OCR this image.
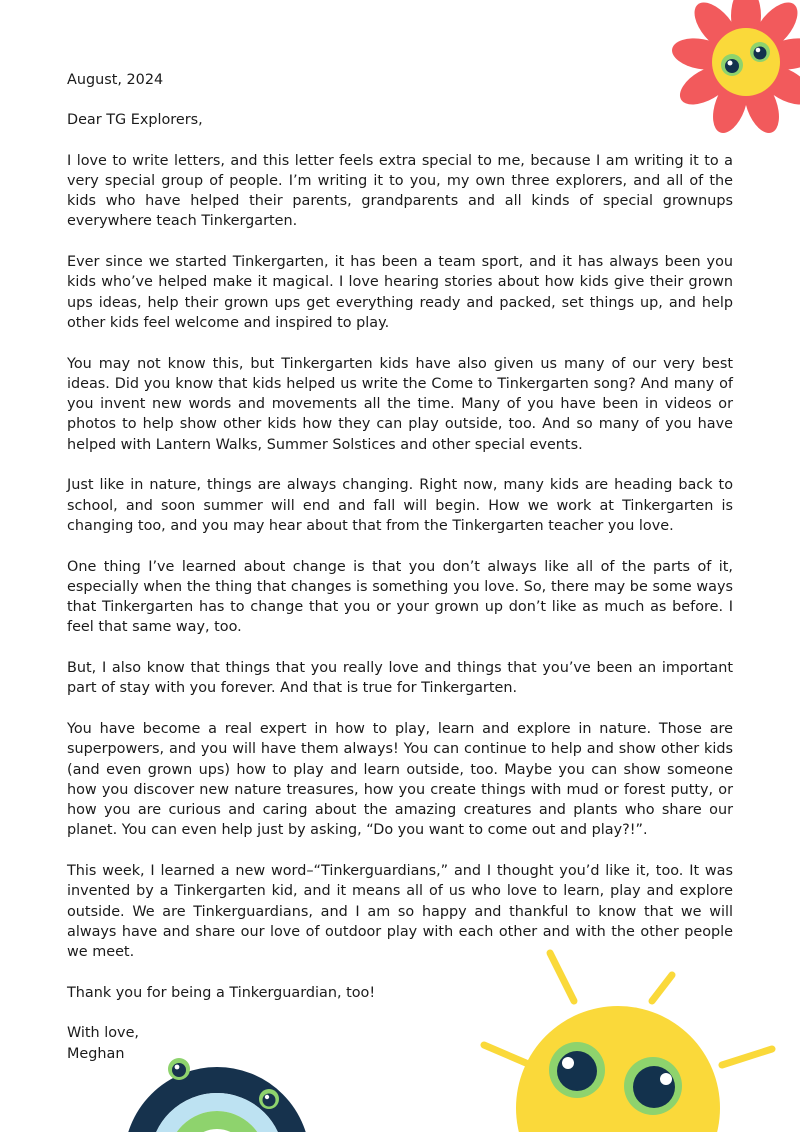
August, 2024

Dear TG Explorers,

I love to write letters, and this letter feels extra special to me, because I am writing it to a very special group of people. I’m writing it to you, my own three explorers, and all of the kids who have helped their parents, grandparents and all kinds of special grownups everywhere teach Tinkergarten.

Ever since we started Tinkergarten, it has been a team sport, and it has always been you kids who’ve helped make it magical. I love hearing stories about how kids give their grown ups ideas, help their grown ups get everything ready and packed, set things up, and help other kids feel welcome and inspired to play.

You may not know this, but Tinkergarten kids have also given us many of our very best ideas. Did you know that kids helped us write the Come to Tinkergarten song? And many of you invent new words and movements all the time. Many of you have been in videos or photos to help show other kids how they can play outside, too. And so many of you have helped with Lantern Walks, Summer Solstices and other special events.

Just like in nature, things are always changing. Right now, many kids are heading back to school, and soon summer will end and fall will begin. How we work at Tinkergarten is changing too, and you may hear about that from the Tinkergarten teacher you love.

One thing I’ve learned about change is that you don’t always like all of the parts of it, especially when the thing that changes is something you love. So, there may be some ways that Tinkergarten has to change that you or your grown up don’t like as much as before. I feel that same way, too.

But, I also know that things that you really love and things that you’ve been an important part of stay with you forever. And that is true for Tinkergarten.

You have become a real expert in how to play, learn and explore in nature. Those are superpowers, and you will have them always! You can continue to help and show other kids (and even grown ups) how to play and learn outside, too. Maybe you can show someone how you discover new nature treasures, how you create things with mud or forest putty, or how you are curious and caring about the amazing creatures and plants who share our planet. You can even help just by asking, “Do you want to come out and play?!”.

This week, I learned a new word–“Tinkerguardians,” and I thought you’d like it, too. It was invented by a Tinkergarten kid, and it means all of us who love to learn, play and explore outside. We are Tinkerguardians, and I am so happy and thankful to know that we will always have and share our love of outdoor play with each other and with the other people we meet.

Thank you for being a Tinkerguardian, too!

With love,

Meghan
